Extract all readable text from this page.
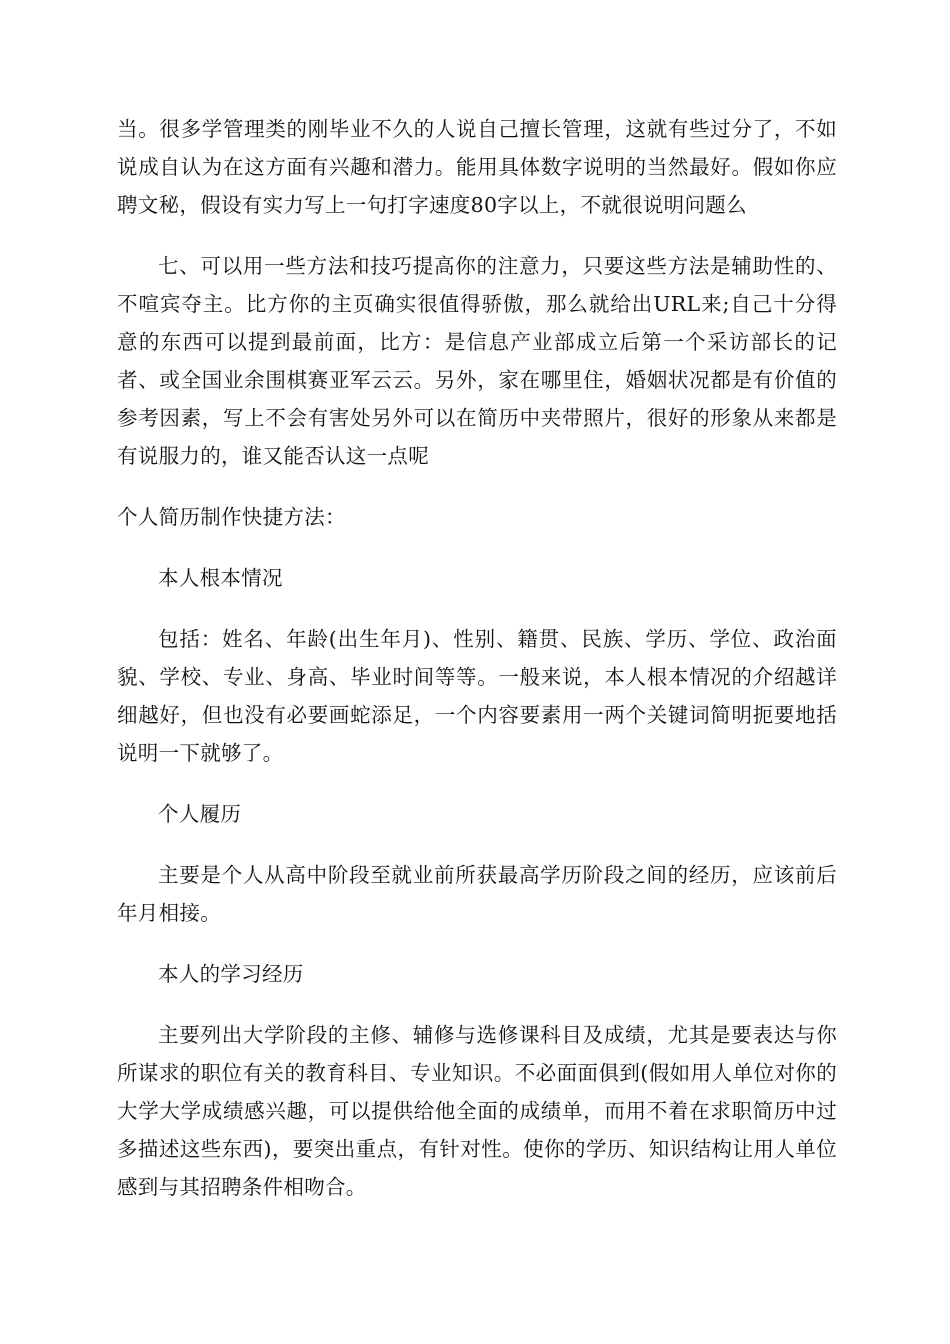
当。很多学管理类的刚毕业不久的人说自己擅长管理，这就有些过分了，不如说成自认为在这方面有兴趣和潜力。能用具体数字说明的当然最好。假如你应聘文秘，假设有实力写上一句打字速度80字以上，不就很说明问题么

七、可以用一些方法和技巧提高你的注意力，只要这些方法是辅助性的、不喧宾夺主。比方你的主页确实很值得骄傲，那么就给出URL来;自己十分得意的东西可以提到最前面，比方：是信息产业部成立后第一个采访部长的记者、或全国业余围棋赛亚军云云。另外，家在哪里住，婚姻状况都是有价值的参考因素，写上不会有害处另外可以在简历中夹带照片，很好的形象从来都是有说服力的，谁又能否认这一点呢

个人简历制作快捷方法：

本人根本情况

包括：姓名、年龄(出生年月)、性别、籍贯、民族、学历、学位、政治面貌、学校、专业、身高、毕业时间等等。一般来说，本人根本情况的介绍越详细越好，但也没有必要画蛇添足，一个内容要素用一两个关键词简明扼要地括说明一下就够了。

个人履历

主要是个人从高中阶段至就业前所获最高学历阶段之间的经历，应该前后年月相接。

本人的学习经历

主要列出大学阶段的主修、辅修与选修课科目及成绩，尤其是要表达与你所谋求的职位有关的教育科目、专业知识。不必面面俱到(假如用人单位对你的大学大学成绩感兴趣，可以提供给他全面的成绩单，而用不着在求职简历中过多描述这些东西)，要突出重点，有针对性。使你的学历、知识结构让用人单位感到与其招聘条件相吻合。
